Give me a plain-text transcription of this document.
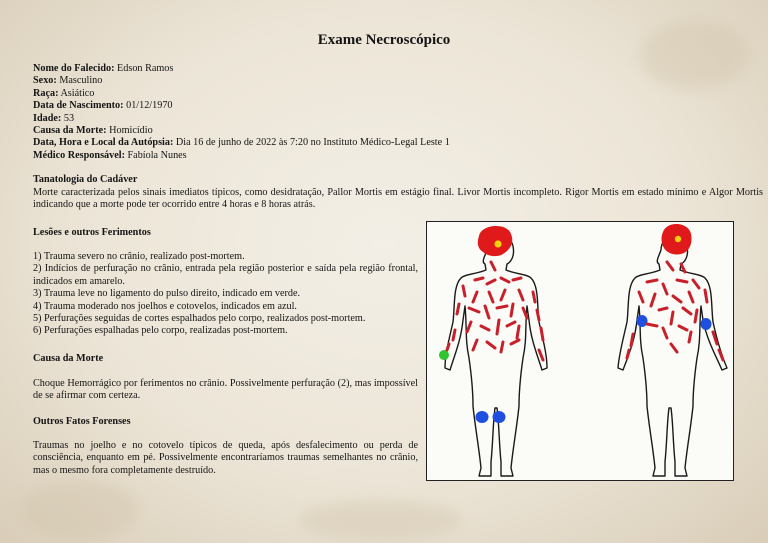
Exame Necroscópico
Nome do Falecido: Edson Ramos
Sexo: Masculino
Raça: Asiático
Data de Nascimento: 01/12/1970
Idade: 53
Causa da Morte: Homicídio
Data, Hora e Local da Autópsia: Dia 16 de junho de 2022 às 7:20 no Instituto Médico-Legal Leste 1
Médico Responsável: Fabíola Nunes
Tanatologia do Cadáver
Morte caracterizada pelos sinais imediatos típicos, como desidratação, Pallor Mortis em estágio final. Livor Mortis incompleto. Rigor Mortis em estado mínimo e Algor Mortis indicando que a morte pode ter ocorrido entre 4 horas e 8 horas atrás.
Lesões e outros Ferimentos
1) Trauma severo no crânio, realizado post-mortem.
2) Indícios de perfuração no crânio, entrada pela região posterior e saída pela região frontal, indicados em amarelo.
3) Trauma leve no ligamento do pulso direito, indicado em verde.
4) Trauma moderado nos joelhos e cotovelos, indicados em azul.
5) Perfurações seguidas de cortes espalhados pelo corpo, realizados post-mortem.
6) Perfurações espalhadas pelo corpo, realizadas post-mortem.
Causa da Morte
Choque Hemorrágico por ferimentos no crânio. Possivelmente perfuração (2), mas impossível de se afirmar com certeza.
Outros Fatos Forenses
Traumas no joelho e no cotovelo típicos de queda, após desfalecimento ou perda de consciência, enquanto em pé. Possivelmente encontraríamos traumas semelhantes no crânio, mas o mesmo fora completamente destruído.
